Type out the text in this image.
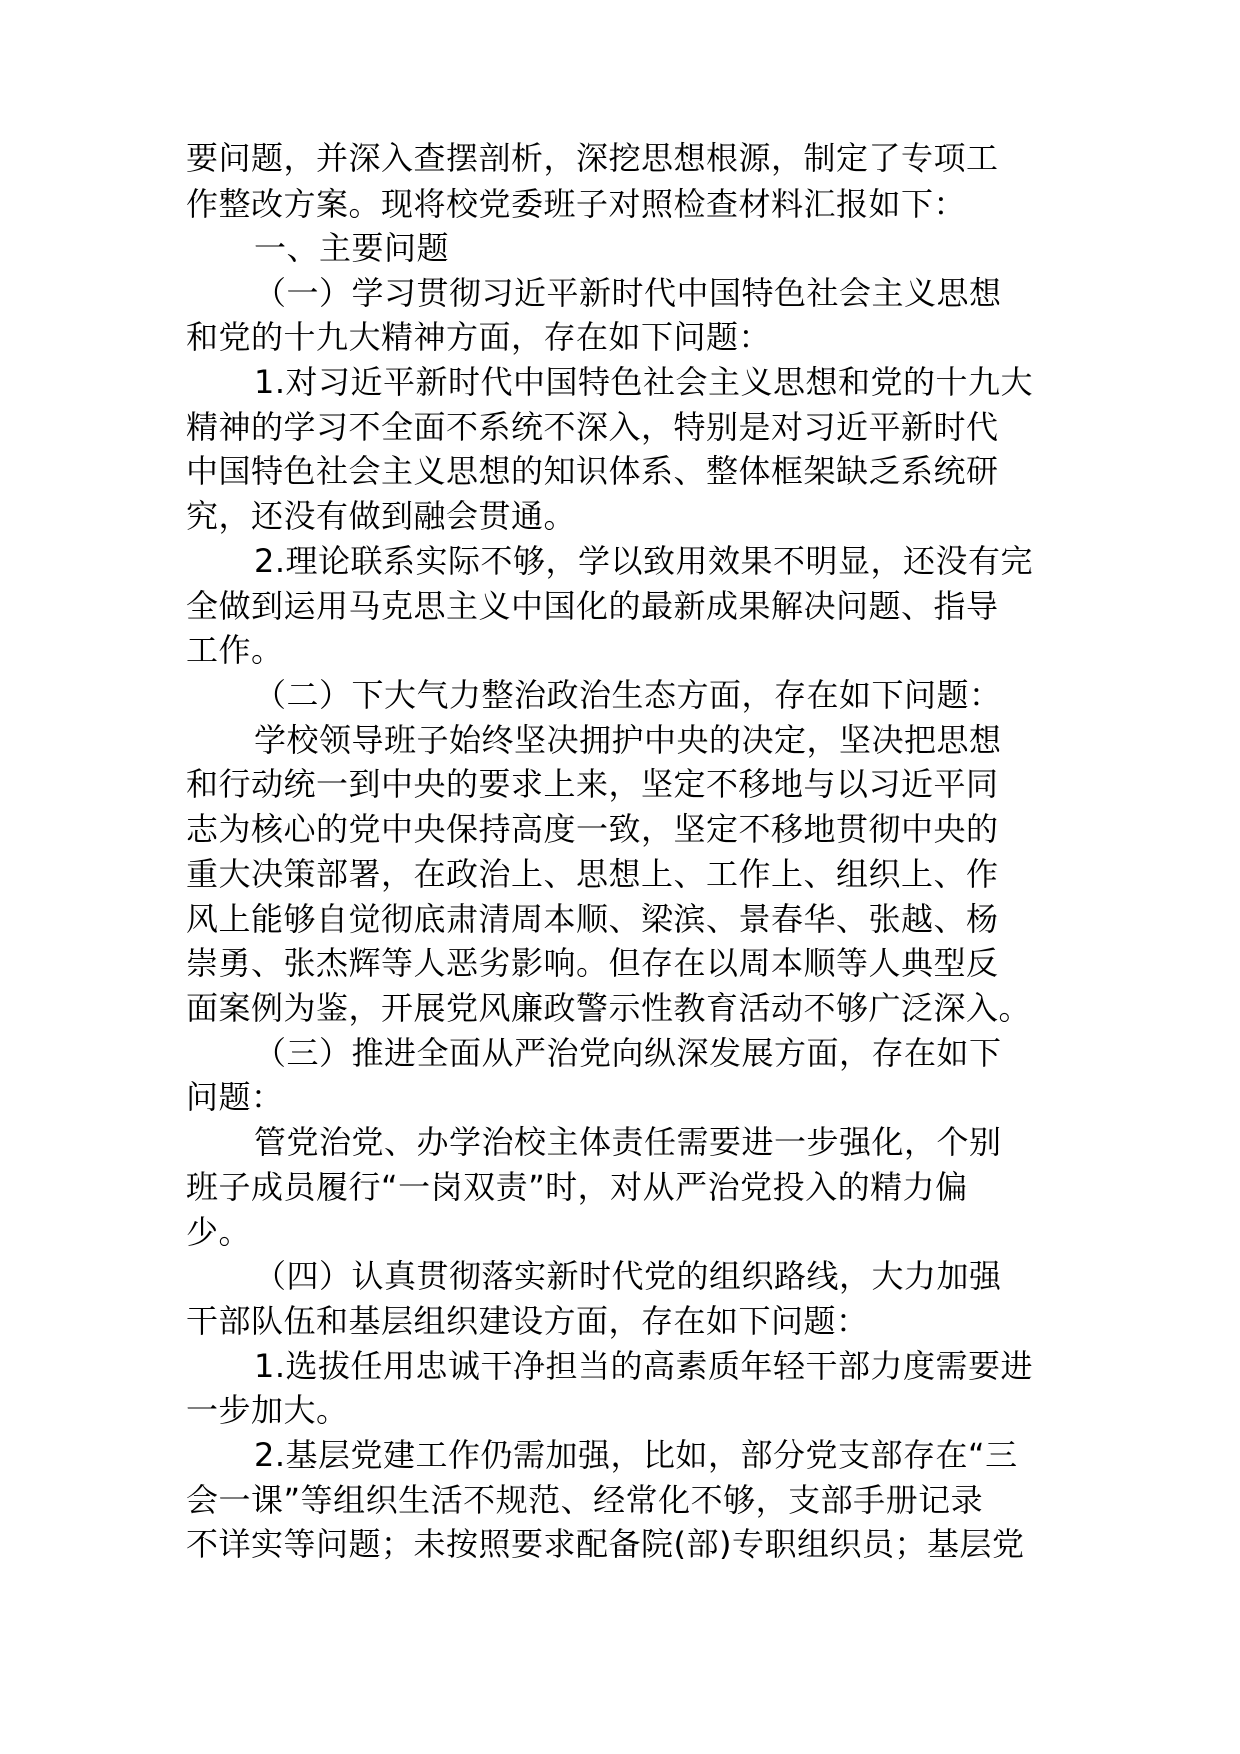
要问题，并深入查摆剖析，深挖思想根源，制定了专项工
作整改方案。现将校党委班子对照检查材料汇报如下：
一、主要问题
（一）学习贯彻习近平新时代中国特色社会主义思想
和党的十九大精神方面，存在如下问题：
1.对习近平新时代中国特色社会主义思想和党的十九大
精神的学习不全面不系统不深入，特别是对习近平新时代
中国特色社会主义思想的知识体系、整体框架缺乏系统研
究，还没有做到融会贯通。
2.理论联系实际不够，学以致用效果不明显，还没有完
全做到运用马克思主义中国化的最新成果解决问题、指导
工作。
（二）下大气力整治政治生态方面，存在如下问题：
学校领导班子始终坚决拥护中央的决定，坚决把思想
和行动统一到中央的要求上来，坚定不移地与以习近平同
志为核心的党中央保持高度一致，坚定不移地贯彻中央的
重大决策部署，在政治上、思想上、工作上、组织上、作
风上能够自觉彻底肃清周本顺、梁滨、景春华、张越、杨
崇勇、张杰辉等人恶劣影响。但存在以周本顺等人典型反
面案例为鉴，开展党风廉政警示性教育活动不够广泛深入。
（三）推进全面从严治党向纵深发展方面，存在如下
问题：
管党治党、办学治校主体责任需要进一步强化，个别
班子成员履行“一岗双责”时，对从严治党投入的精力偏
少。
（四）认真贯彻落实新时代党的组织路线，大力加强
干部队伍和基层组织建设方面，存在如下问题：
1.选拔任用忠诚干净担当的高素质年轻干部力度需要进
一步加大。
2.基层党建工作仍需加强，比如，部分党支部存在“三
会一课”等组织生活不规范、经常化不够，支部手册记录
不详实等问题；未按照要求配备院(部)专职组织员；基层党
